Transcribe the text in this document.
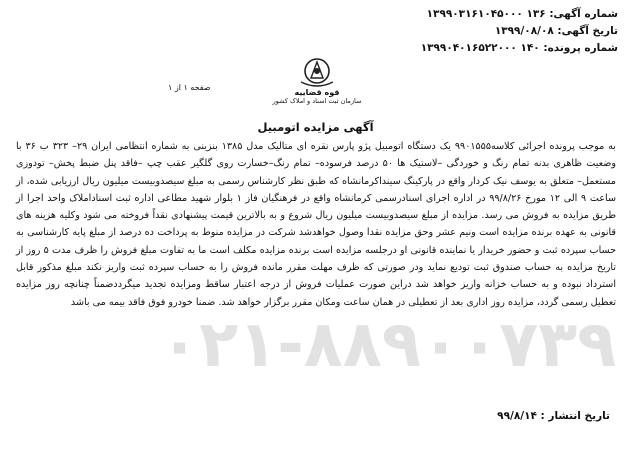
شماره آگهی: ۱۳۶ ۱۳۹۹۰۳۱۶۱۰۴۵۰۰۰
تاریخ آگهی: ۱۳۹۹/۰۸/۰۸
شماره پرونده: ۱۴۰ ۱۳۹۹۰۴۰۱۶۵۲۲۰۰۰
قوه قضاییه
سازمان ثبت اسناد و املاک کشور
صفحه ۱ از ۱
آگهی مزایده اتومبیل
۰۲۱-۸۸۹۰۰۷۳۹
به موجب پرونده اجرائی کلاسه۹۹۰۱۵۵۵ یک دستگاه اتومبیل پژو پارس نقره ای متالیک مدل ۱۳۸۵ بنزینی به شماره انتظامی ایران ۲۹– ۳۲۳ ب ۳۶ با وضعیت ظاهری بدنه تمام رنگ و خوردگی –لاستیک ها ۵۰ درصد فرسوده– تمام رنگ–خسارت روی گلگیر عقب چپ –فاقد پنل ضبط پخش– تودوزی مستعمل– متعلق به یوسف نیک کردار واقع در پارکینگ سینداکرمانشاه که طبق نظر کارشناس رسمی به مبلغ سیصدوبیست میلیون ریال ارزیابی شده، از ساعت ۹ الی ۱۲ مورخ ۹۹/۸/۲۶ در اداره اجرای اسنادرسمی کرمانشاه واقع در فرهنگیان فاز ۱ بلوار شهید مطاعی اداره ثبت اسناداملاک واحد اجرا از طریق مزایده به فروش می رسد. مزایده از مبلغ سیصدوبیست میلیون ریال شروع و به بالاترین قیمت پیشنهادی نقداً فروخته می شود وکلیه هزینه های قانونی به عهده برنده مزایده است ونیم عشر وحق مزایده نقدا وصول خواهدشد شرکت در مزایده منوط به پرداخت ده درصد از مبلغ پایه کارشناسی به حساب سپرده ثبت و حضور خریدار یا نماینده قانونی او درجلسه مزایده است برنده مزایده مکلف است ما به تفاوت مبلغ فروش را ظرف مدت ۵ روز از تاریخ مزایده به حساب صندوق ثبت تودیع نماید ودر صورتی که ظرف مهلت مقرر مانده فروش را به حساب سپرده ثبت واریز نکند مبلغ مذکور قابل استرداد نبوده و به حساب خزانه واریز خواهد شد دراین صورت عملیات فروش از درجه اعتبار ساقط ومزایده تجدید میگرددضمناً چنانچه روز مزایده تعطیل رسمی گردد، مزایده روز اداری بعد از تعطیلی در همان ساعت ومکان مقرر برگزار خواهد شد. ضمنا خودرو فوق فاقد بیمه می باشد
تاریخ انتشار : ۹۹/۸/۱۴
